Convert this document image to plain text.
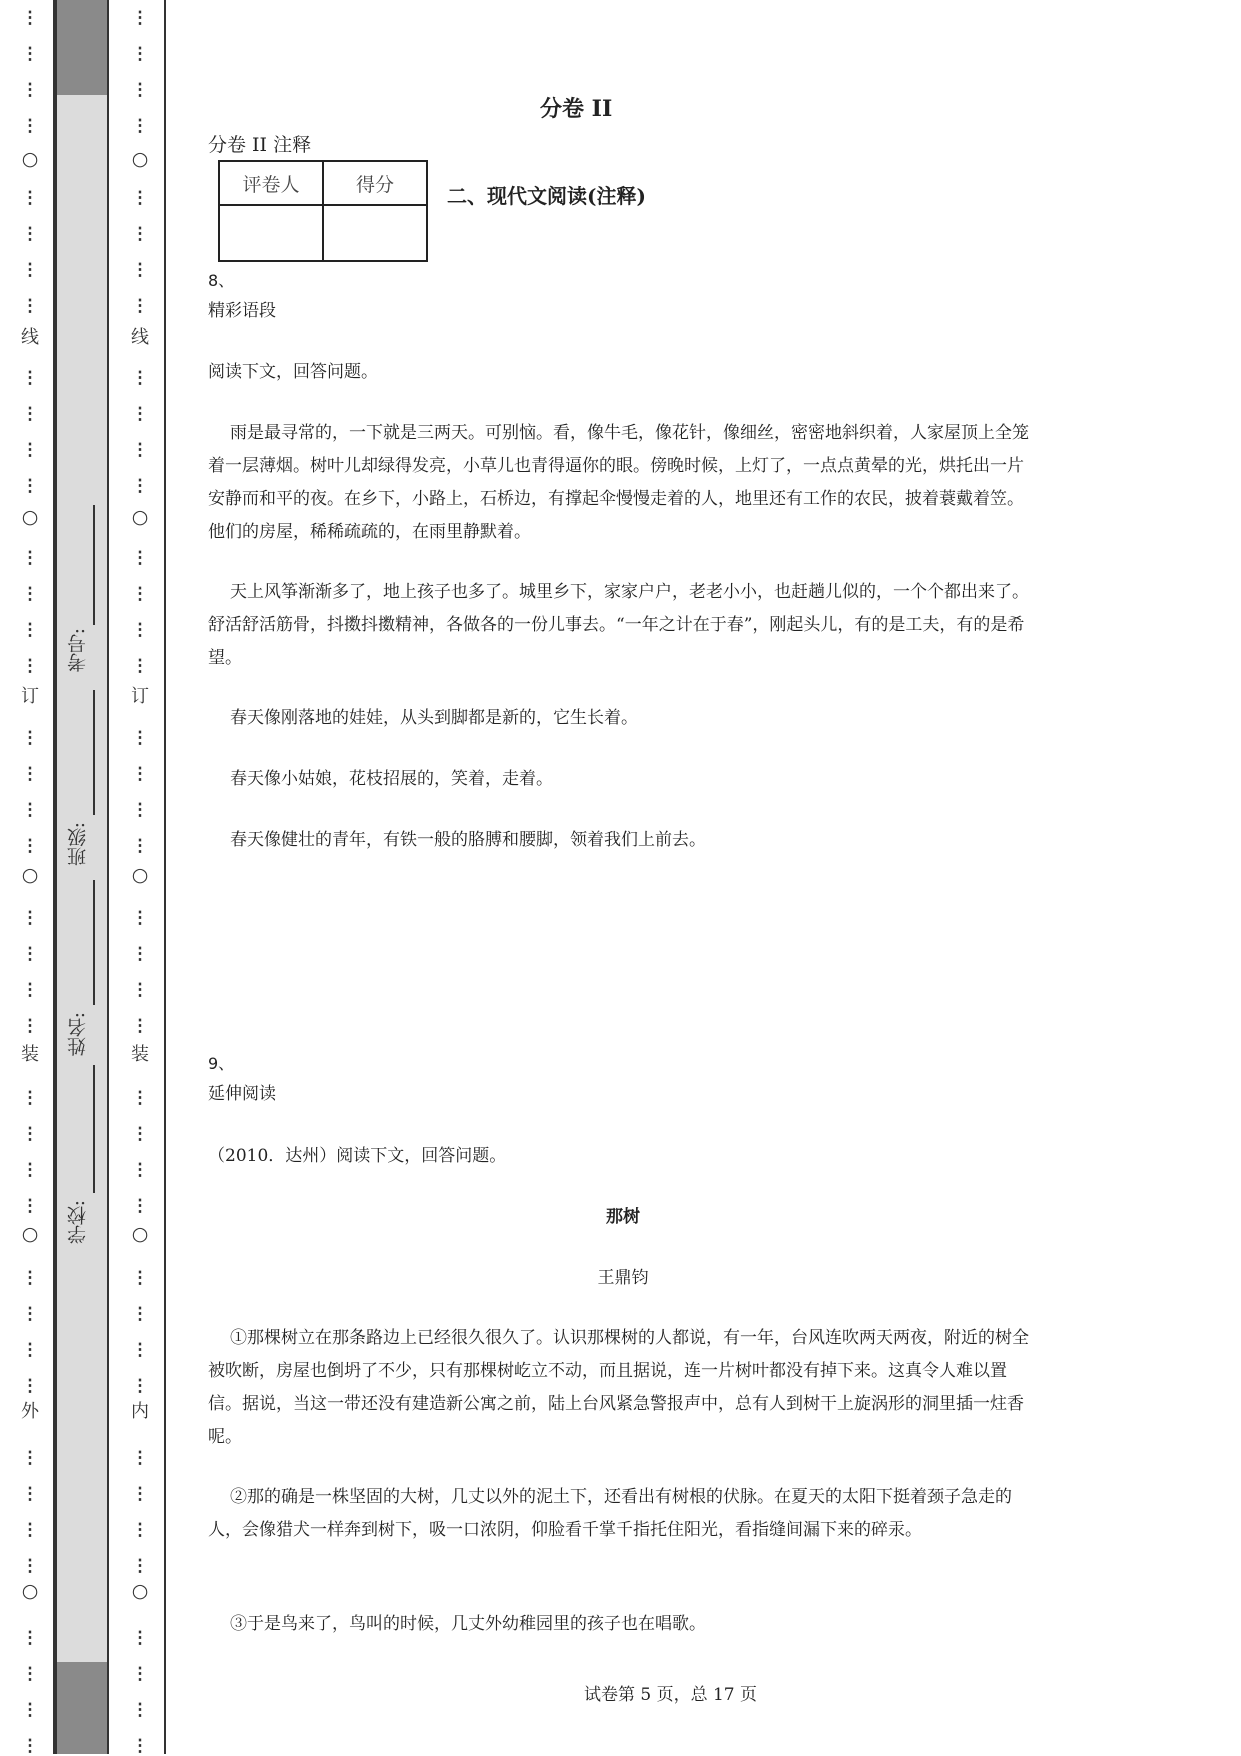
⋮
⋮
⋮
⋮
⋮
⋮
⋮
⋮
⋮
⋮
⋮
⋮
⋮
⋮
⋮
⋮
⋮
⋮
⋮
⋮
⋮
⋮
⋮
⋮
⋮
⋮
⋮
⋮
⋮
⋮
⋮
⋮
⋮
⋮
⋮
⋮
⋮
⋮
⋮
⋮
○
○
○
○
○
线
订
装
外
⋮
⋮
⋮
⋮
⋮
⋮
⋮
⋮
⋮
⋮
⋮
⋮
⋮
⋮
⋮
⋮
⋮
⋮
⋮
⋮
⋮
⋮
⋮
⋮
⋮
⋮
⋮
⋮
⋮
⋮
⋮
⋮
⋮
⋮
⋮
⋮
⋮
⋮
⋮
⋮
○
○
○
○
○
线
订
装
内
考号:
班级:
姓名:
学校:
分卷 II
分卷 II 注释
评卷人	得分
		二、现代文阅读(注释)
8、
精彩语段
阅读下文，回答问题。
雨是最寻常的，一下就是三两天。可别恼。看，像牛毛，像花针，像细丝，密密地斜织着，人家屋顶上全笼着一层薄烟。树叶儿却绿得发亮，小草儿也青得逼你的眼。傍晚时候，上灯了，一点点黄晕的光，烘托出一片安静而和平的夜。在乡下，小路上，石桥边，有撑起伞慢慢走着的人，地里还有工作的农民，披着蓑戴着笠。他们的房屋，稀稀疏疏的，在雨里静默着。
天上风筝渐渐多了，地上孩子也多了。城里乡下，家家户户，老老小小，也赶趟儿似的，一个个都出来了。舒活舒活筋骨，抖擞抖擞精神，各做各的一份儿事去。“一年之计在于春”，刚起头儿，有的是工夫，有的是希望。
春天像刚落地的娃娃，从头到脚都是新的，它生长着。
春天像小姑娘，花枝招展的，笑着，走着。
春天像健壮的青年，有铁一般的胳膊和腰脚，领着我们上前去。
9、
延伸阅读
（2010．达州）阅读下文，回答问题。
那树
王鼎钧
①那棵树立在那条路边上已经很久很久了。认识那棵树的人都说，有一年，台风连吹两天两夜，附近的树全被吹断，房屋也倒坍了不少，只有那棵树屹立不动，而且据说，连一片树叶都没有掉下来。这真令人难以置信。据说，当这一带还没有建造新公寓之前，陆上台风紧急警报声中，总有人到树干上旋涡形的洞里插一炷香呢。
②那的确是一株坚固的大树，几丈以外的泥土下，还看出有树根的伏脉。在夏天的太阳下挺着颈子急走的人，会像猎犬一样奔到树下，吸一口浓阴，仰脸看千掌千指托住阳光，看指缝间漏下来的碎汞。
③于是鸟来了，鸟叫的时候，几丈外幼稚园里的孩子也在唱歌。
试卷第 5 页，总 17 页
